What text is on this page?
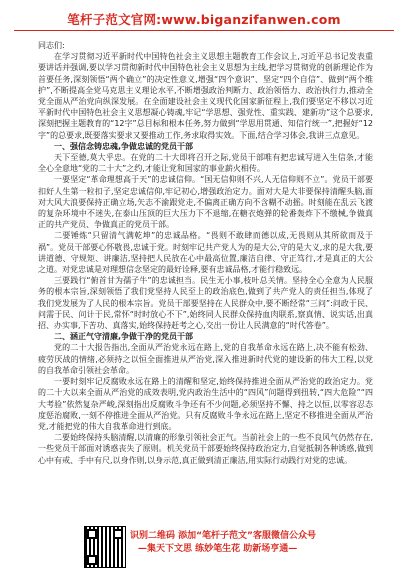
笔杆子范文官网:www.biganzifanwen.com

同志们:

在学习贯彻习近平新时代中国特色社会主义思想主题教育工作会议上,习近平总书记发表重要讲话并强调,要以学习贯彻新时代中国特色社会主义思想为主线,把学习贯彻党的创新理论作为首要任务,深刻领悟“两个确立”的决定性意义,增强“四个意识”、坚定“四个自信”、做到“两个维护”,不断提高全党马克思主义理论水平,不断增强政治判断力、政治领悟力、政治执行力,推动全党全面从严治党向纵深发展。在全面建设社会主义现代化国家新征程上,我们要坚定不移以习近平新时代中国特色社会主义思想凝心铸魂,牢记“学思想、强党性、重实践、建新功”这个总要求,深刻把握主题教育的“12字”总目标和根本任务,努力做到“学思用贯通、知信行统一”,把握好“12字”的总要求,既要落实要求又要推动工作,务求取得实效。下面,结合学习体会,我讲三点意见。

一、强信念铸忠魂,争做忠诚的党员干部

天下至德,莫大乎忠。在党的二十大即将召开之际,党员干部唯有把忠诚写进入生信条,才能全心全意地“党的二十大”之约,才能让党和国家的事业薪火相传。

一要坚定“革命理想高于天”的忠诚信仰。“国无信仰则不兴,人无信仰则不立”。党员干部要扣好人生第一粒扣子,坚定忠诚信仰,牢记初心,增强政治定力。面对大是大非要保持清醒头脑,面对大风大浪要保持正确立场,矢志不渝跟党走,不偏离正确方向不含糊不动摇。时刻能在乱云飞渡的复杂环境中不迷失,在泰山压顶的巨大压力下不退缩,在糖衣炮弹的轮番轰炸下不缴械,争做真正的共产党员、争做真正的党员干部。

二要锤炼“只留清气满乾坤”的忠诚品格。“畏则不敢肆而德以成,无畏则从其所欲而及于祸”。党员干部要心怀敬畏,忠诚于党。时刻牢记共产党人为的是大公,守的是大义,求的是大我,要讲道德、守规矩、讲廉洁,坚持把人民放在心中最高位置,廉洁自律、守正笃行,才是真正的大公之道。对党忠诚是对理想信念坚定的最好诠释,要有忠诚品格,才能行稳致远。

三要践行“俯首甘为孺子牛”的忠诚担当。民生无小事,枝叶总关情。坚持全心全意为人民服务的根本宗旨,深刻领悟了我们党坚持人民至上的政治底色,做到了共产党人的责任担当,体现了我们党发展为了人民的根本宗旨。党员干部要坚持在人民群众中,要不断经常“三问”:问政于民、问需于民、问计于民,常怀“时时放心不下”,始终同人民群众保持血肉联系,察真情、说实话,出真招、办实事,下苦功、真落实,始终保持赶考之心,交出一份让人民满意的“时代答卷”。

二、涵正气守清廉,争做干净的党员干部

党的二十大报告指出,全面从严治党永远在路上,党的自我革命永远在路上,决不能有松劲、疲劳厌战的情绪,必须持之以恒全面推进从严治党,深入推进新时代党的建设新的伟大工程,以党的自我革命引领社会革命。

一要时刻牢记反腐败永远在路上的清醒和坚定,始终保持推进全面从严治党的政治定力。党的二十大以来全面从严治党的成效表明,党内政治生活中的“四风”问题得到扭转,“四大危险”“四大考验”依然复杂严峻,深刻指出反腐败斗争还有不少问题,必须坚持不懈、持之以恒,以零容忍态度惩治腐败,一刻不停推进全面从严治党。只有反腐败斗争永远在路上,坚定不移推进全面从严治党,才能把党的伟大自我革命进行到底。

二要始终保持头脑清醒,以清廉的形象引领社会正气。当前社会上的一些不良风气仍然存在,一些党员干部面对诱惑丧失了原则。机关党员干部要始终保持政治定力,自觉抵制各种诱惑,做到心中有戒、手中有尺,以身作则,以身示范,真正做到清正廉洁,用实际行动践行对党的忠诚。

识别二维码 添加“笔杆子范文”客服微信公众号
—集天下文思 练妙笔生花 助新场亨通—
